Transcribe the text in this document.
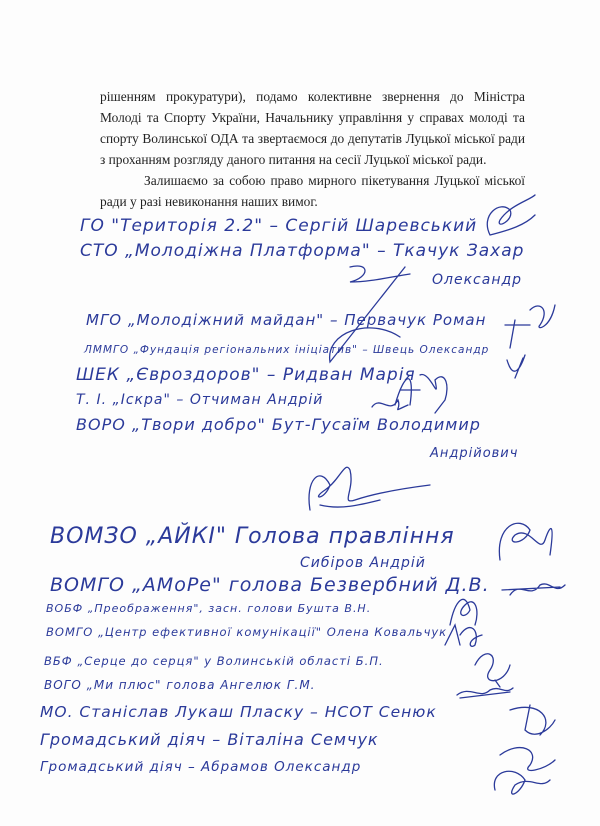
рішенням прокуратури), подамо колективне звернення до Міністра Молоді та Спорту України, Начальнику управління у справах молоді та спорту Волинської ОДА та звертаємося до депутатів Луцької міської ради з проханням розгляду даного питання на сесії Луцької міської ради.

Залишаємо за собою право мирного пікетування Луцької міської ради у разі невиконання наших вимог.

ГО "Територія 2.2" – Сергій Шаревський
СТО „Молодіжна Платформа" – Ткачук Захар
Олександр
МГО „Молодіжний майдан" – Первачук Роман
ЛММГО „Фундація регіональних ініціатив" – Швець Олександр
ШЕК „Євроздоров" – Ридван Марія
Т. І. „Іскра" – Отчиман Андрій
ВОРО „Твори добро" Бут-Гусаїм Володимир
Андрійович
ВОМЗО „АЙКІ" Голова правління
Сибіров Андрій
ВОМГО „АМоРе" голова Безвербний Д.В.
ВОБФ „Преображення", засн. голови Бушта В.Н.
ВОМГО „Центр ефективної комунікації" Олена Ковальчук
ВБФ „Серце до серця" у Волинській області Б.П.
ВОГО „Ми плюс" голова Ангелюк Г.М.
МО. Станіслав Лукаш Пласку – НСОТ Сенюк
Громадський діяч – Віталіна Семчук
Громадський діяч – Абрамов Олександр
